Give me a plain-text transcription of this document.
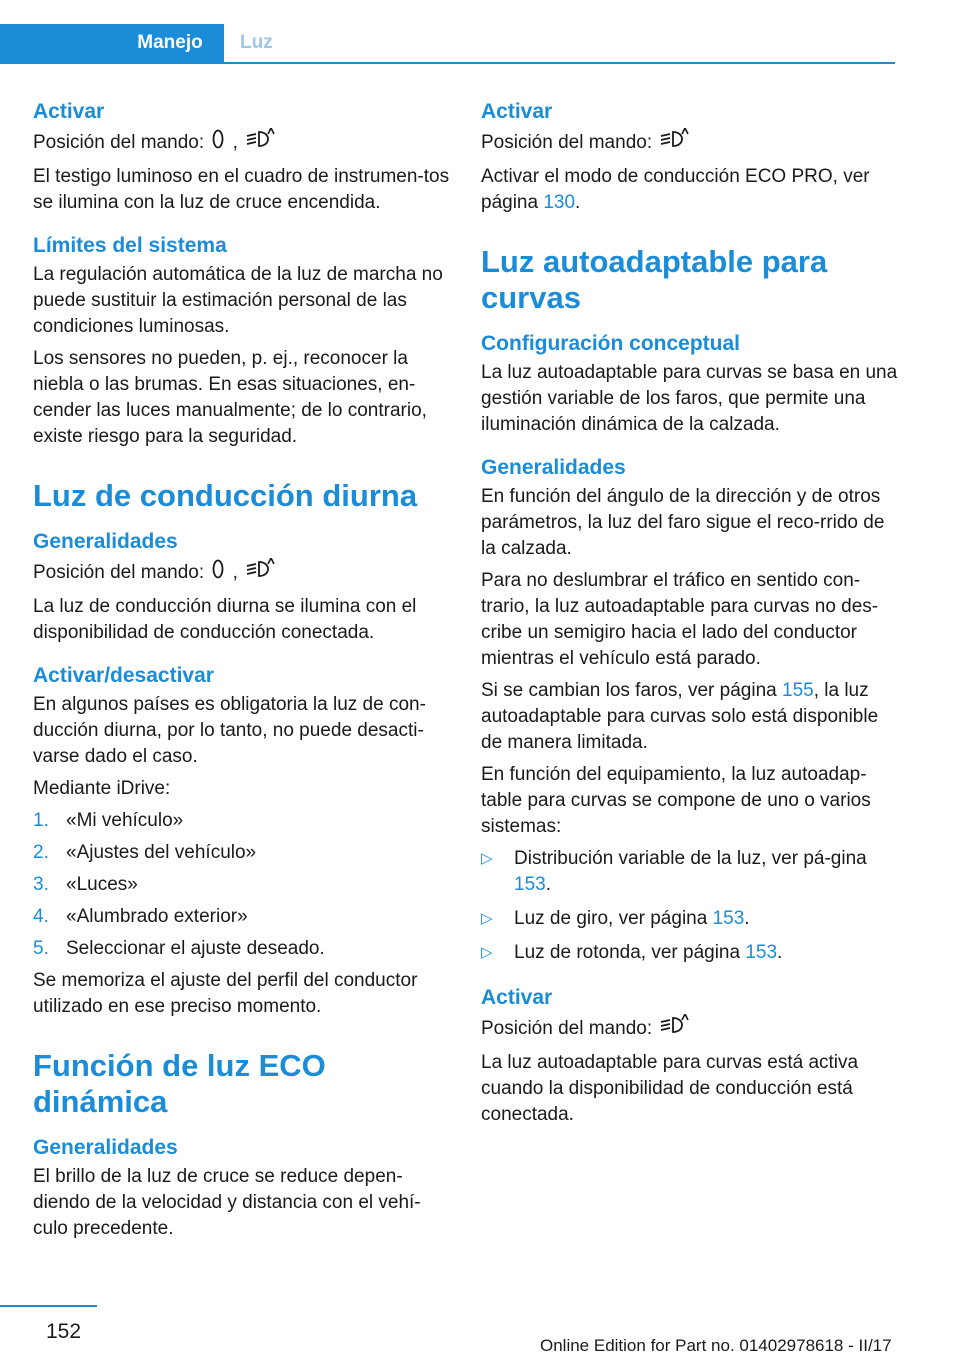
Manejo	Luz
Activar

Posición del mando: ,

El testigo luminoso en el cuadro de instrumen-tos se ilumina con la luz de cruce encendida.

Límites del sistema

La regulación automática de la luz de marcha no puede sustituir la estimación personal de las condiciones luminosas.

Los sensores no pueden, p. ej., reconocer la niebla o las brumas. En esas situaciones, en-cender las luces manualmente; de lo contrario, existe riesgo para la seguridad.

Luz de conducción diurna
Generalidades

Posición del mando: ,

La luz de conducción diurna se ilumina con el disponibilidad de conducción conectada.

Activar/desactivar

En algunos países es obligatoria la luz de con-ducción diurna, por lo tanto, no puede desacti-varse dado el caso.

Mediante iDrive:

1. «Mi vehículo»
2. «Ajustes del vehículo»
3. «Luces»
4. «Alumbrado exterior»
5. Seleccionar el ajuste deseado.

Se memoriza el ajuste del perfil del conductor utilizado en ese preciso momento.

Función de luz ECO dinámica
Generalidades

El brillo de la luz de cruce se reduce depen-diendo de la velocidad y distancia con el vehí-culo precedente.

Activar

Posición del mando:

Activar el modo de conducción ECO PRO, ver página 130.

Luz autoadaptable para curvas
Configuración conceptual

La luz autoadaptable para curvas se basa en una gestión variable de los faros, que permite una iluminación dinámica de la calzada.

Generalidades

En función del ángulo de la dirección y de otros parámetros, la luz del faro sigue el reco-rrido de la calzada.

Para no deslumbrar el tráfico en sentido con-trario, la luz autoadaptable para curvas no des-cribe un semigiro hacia el lado del conductor mientras el vehículo está parado.

Si se cambian los faros, ver página 155, la luz autoadaptable para curvas solo está disponible de manera limitada.

En función del equipamiento, la luz autoadap-table para curvas se compone de uno o varios sistemas:

▷ Distribución variable de la luz, ver pá-gina 153.
▷ Luz de giro, ver página 153.
▷ Luz de rotonda, ver página 153.
Activar

Posición del mando:

La luz autoadaptable para curvas está activa cuando la disponibilidad de conducción está conectada.

152
Online Edition for Part no. 01402978618 - II/17
